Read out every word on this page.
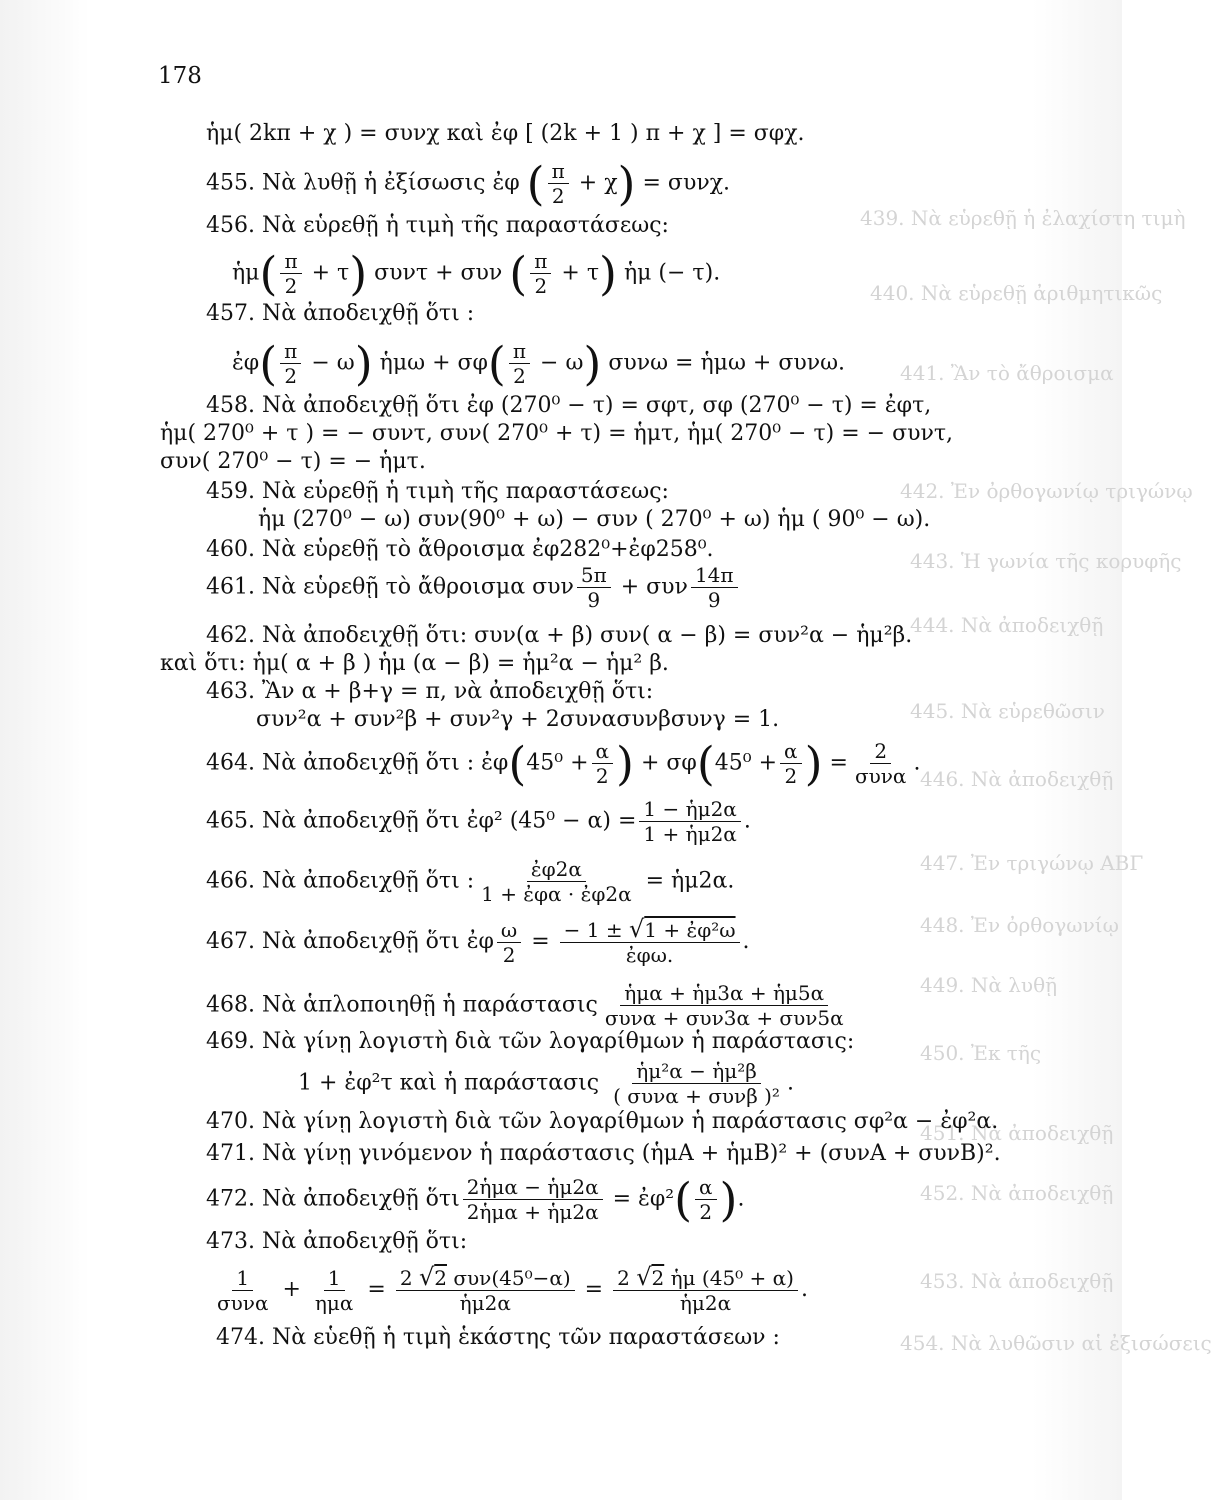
439. Νὰ εὑρεθῇ ἡ ἐλαχίστη τιμὴ
440. Νὰ εὑρεθῇ ἀριθμητικῶς
441. Ἂν τὸ ἄθροισμα
442. Ἐν ὀρθογωνίῳ τριγώνῳ
443. Ἡ γωνία τῆς κορυφῆς
444. Νὰ ἀποδειχθῇ
445. Νὰ εὑρεθῶσιν
446. Νὰ ἀποδειχθῇ
447. Ἐν τριγώνῳ ΑΒΓ
448. Ἐν ὀρθογωνίῳ
449. Νὰ λυθῇ
450. Ἐκ τῆς
451. Νὰ ἀποδειχθῇ
452. Νὰ ἀποδειχθῇ
453. Νὰ ἀποδειχθῇ
454. Νὰ λυθῶσιν αἱ ἐξισώσεις
178
ἡμ( 2kπ + χ ) = συνχ καὶ ἐφ [ (2k + 1 ) π + χ ] = σφχ.
455. Νὰ λυθῇ ἡ ἐξίσωσις ἐφ ( $\frac{\pi}{2} + \chi) = \sigma\upsilon\nu\chi$.
456. Νὰ εὑρεθῇ ἡ τιμὴ τῆς παραστάσεως:
ἡμ( $\frac{\pi}{2} + \tau$) συντ + συν ( $\frac{\pi}{2} + \tau$) ἡμ (− τ).
457. Νὰ ἀποδειχθῇ ὅτι :
ἐφ( $\frac{\pi}{2} - \omega$) ἡμω + $\sigma\varphi( \frac{\pi}{2} - \omega)$ συνω = ἡμω + συνω.
458. Νὰ ἀποδειχθῇ ὅτι ἐφ (270⁰ − τ) = σφτ, σφ (270⁰ − τ) = ἐφτ,
ἡμ( 270⁰ + τ ) = − συντ, συν( 270⁰ + τ) = ἡμτ, ἡμ( 270⁰ − τ) = − συντ,
συν( 270⁰ − τ) = − ἡμτ.
459. Νὰ εὑρεθῇ ἡ τιμὴ τῆς παραστάσεως:
ἡμ (270⁰ − ω) συν(90⁰ + ω) − συν ( 270⁰ + ω) ἡμ ( 90⁰ − ω).
460. Νὰ εὑρεθῇ τὸ ἄθροισμα ἐφ282⁰+ἐφ258⁰.
461. Νὰ εὑρεθῇ τὸ ἄθροισμα συν $\frac{5\pi}{9} + \sigma\upsilon\nu \frac{14\pi}{9}$
462. Νὰ ἀποδειχθῇ ὅτι: συν(α + β) συν( α − β) = συν²α − ἡμ²β.
καὶ ὅτι: ἡμ( α + β ) ἡμ (α − β) = ἡμ²α − ἡμ² β.
463. Ἂν α + β+γ = π, νὰ ἀποδειχθῇ ὅτι:
συν²α + συν²β + συν²γ + 2συνασυνβσυνγ = 1.
464. Νὰ ἀποδειχθῇ ὅτι : ἐφ(45⁰ + $\frac{\alpha}{2}$ ) + $\sigma\varphi(45^0 + \frac{\alpha}{2}$ ) = 2
συνα
.
465. Νὰ ἀποδειχθῇ ὅτι ἐφ² $(45^0 - \alpha) = \frac{\text{1 − ἡμ2α}}{\text{1 + ἡμ2α}}$ .
466. Νὰ ἀποδειχθῇ ὅτι :	ἐφ2α
1 + ἐφα · ἐφ2α
= ἡμ2α.
467. Νὰ ἀποδειχθῇ ὅτι ἐφ $\frac{\omega}{2}$ = − 1 ± √1 + ἐφ²ω
ἐφω.
.
468. Νὰ ἁπλοποιηθῇ ἡ παράστασις ἡμα + ἡμ3α + ἡμ5α
συνα + συν3α + συν5α
469. Νὰ γίνῃ λογιστὴ διὰ τῶν λογαρίθμων ἡ παράστασις:
1 + ἐφ²τ καὶ ἡ παράστασις ἡμ²α − ἡμ²β
( συνα + συνβ )²
.
470. Νὰ γίνῃ λογιστὴ διὰ τῶν λογαρίθμων ἡ παράστασις σφ²α − ἐφ²α.
471. Νὰ γίνῃ γινόμενον ἡ παράστασις (ἡμΑ + ἡμΒ)² + (συνΑ + συνΒ)².
472. Νὰ ἀποδειχθῇ ὅτι 2ἡμα − ἡμ2α
2ἡμα + ἡμ2α
= ἐφ²( $\frac{\alpha}{2}$ ).
473. Νὰ ἀποδειχθῇ ὅτι:
1
συνα
+ 1
ημα
= 2 √2 συν(45⁰−α)
ἡμ2α
= $\frac{\text{2 √2 ἡμ (45⁰ + α)}}{\text{ἡμ2α}}$ .
474. Νὰ εὑεθῇ ἡ τιμὴ ἑκάστης τῶν παραστάσεων :
